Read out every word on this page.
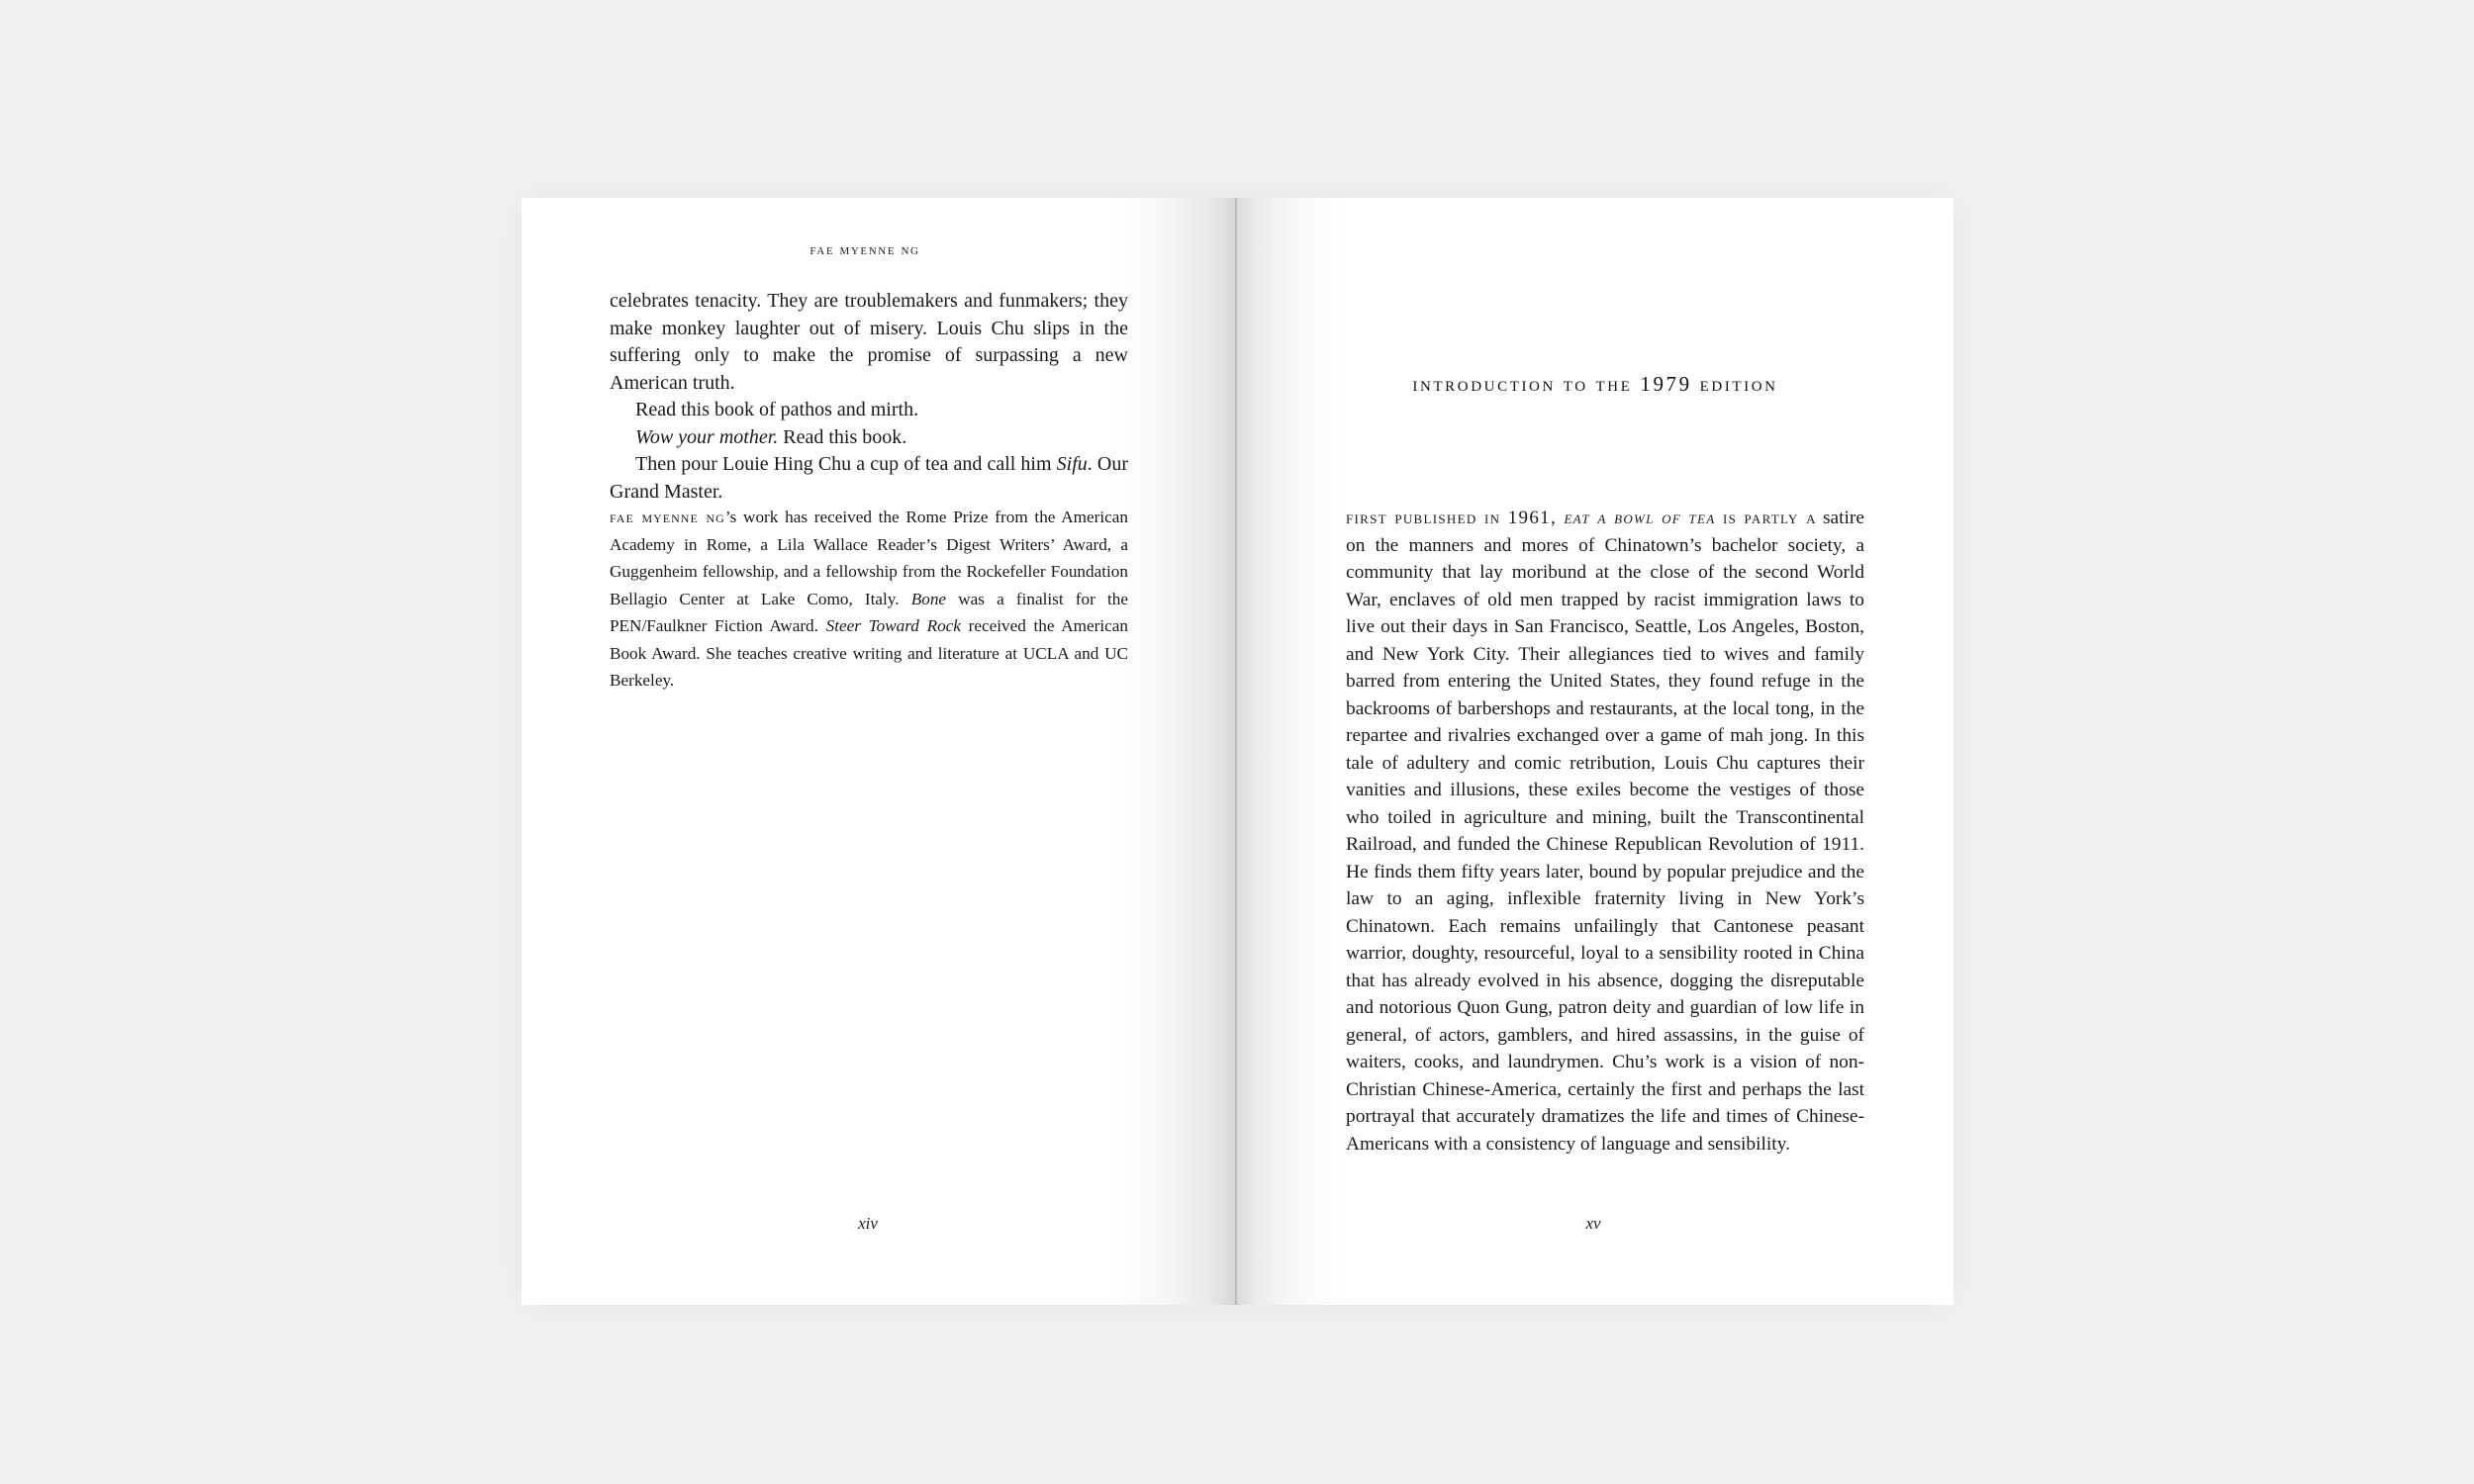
fae myenne ng

celebrates tenacity. They are troublemakers and funmakers; they make monkey laughter out of misery. Louis Chu slips in the suffering only to make the promise of surpassing a new American truth.

Read this book of pathos and mirth.

Wow your mother. Read this book.

Then pour Louie Hing Chu a cup of tea and call him Sifu. Our Grand Master.

fae myenne ng’s work has received the Rome Prize from the American Academy in Rome, a Lila Wallace Reader’s Digest Writers’ Award, a Guggenheim fellowship, and a fellowship from the Rockefeller Foundation Bellagio Center at Lake Como, Italy. Bone was a finalist for the PEN/Faulkner Fiction Award. Steer Toward Rock received the American Book Award. She teaches creative writing and literature at UCLA and UC Berkeley.

xiv
introduction to the 1979 edition

first published in 1961, eat a bowl of tea is partly a satire on the manners and mores of Chinatown’s bachelor society, a community that lay moribund at the close of the second World War, enclaves of old men trapped by racist immigration laws to live out their days in San Francisco, Seattle, Los Angeles, Boston, and New York City. Their allegiances tied to wives and family barred from entering the United States, they found refuge in the backrooms of barbershops and restaurants, at the local tong, in the repartee and rivalries exchanged over a game of mah jong. In this tale of adultery and comic retribution, Louis Chu captures their vanities and illusions, these exiles become the vestiges of those who toiled in agriculture and mining, built the Transcontinental Railroad, and funded the Chinese Republican Revolution of 1911. He finds them fifty years later, bound by popular prejudice and the law to an aging, inflexible fraternity living in New York’s Chinatown. Each remains unfailingly that Cantonese peasant warrior, doughty, resourceful, loyal to a sensibility rooted in China that has already evolved in his absence, dogging the disreputable and notorious Quon Gung, patron deity and guardian of low life in general, of actors, gamblers, and hired assassins, in the guise of waiters, cooks, and laundrymen. Chu’s work is a vision of non-Christian Chinese-America, certainly the first and perhaps the last portrayal that accurately dramatizes the life and times of Chinese-Americans with a consistency of language and sensibility.

xv
